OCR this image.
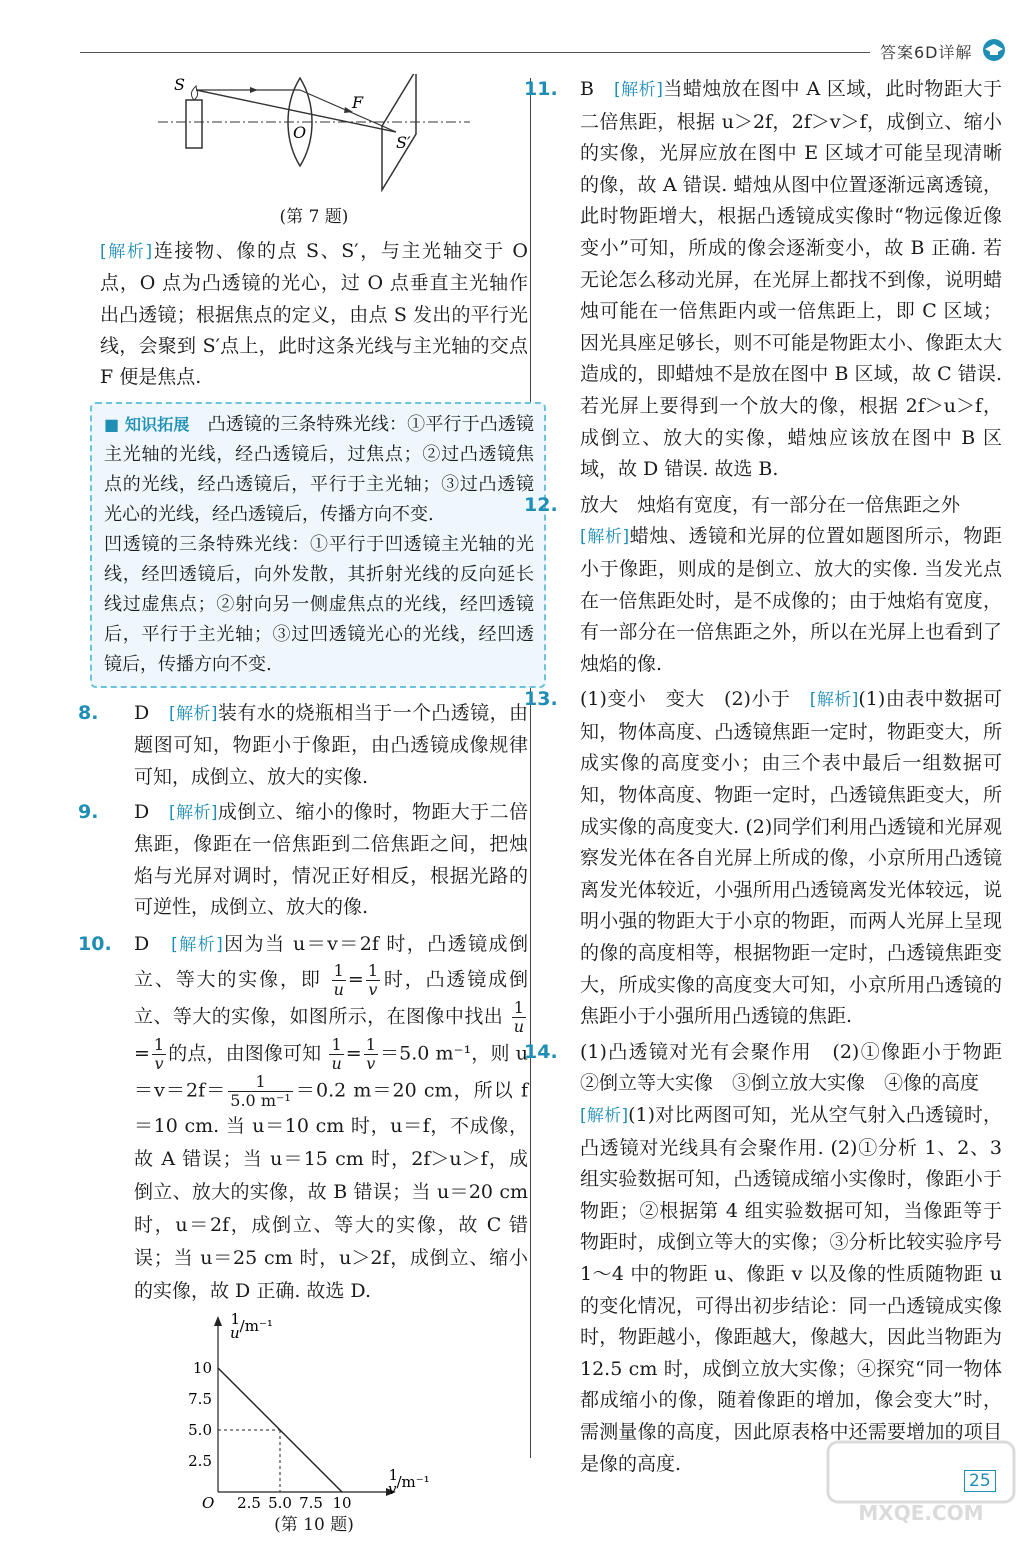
答案6D详解
S
O
F
S′

(第 7 题)

[解析]连接物、像的点 S、S′，与主光轴交于 O 点，O 点为凸透镜的光心，过 O 点垂直主光轴作出凸透镜；根据焦点的定义，由点 S 发出的平行光线，会聚到 S′点上，此时这条光线与主光轴的交点 F 便是焦点.

■ 知识拓展　 凸透镜的三条特殊光线：①平行于凸透镜主光轴的光线，经凸透镜后，过焦点；②过凸透镜焦点的光线，经凸透镜后，平行于主光轴；③过凸透镜光心的光线，经凸透镜后，传播方向不变.

凹透镜的三条特殊光线：①平行于凹透镜主光轴的光线，经凹透镜后，向外发散，其折射光线的反向延长线过虚焦点；②射向另一侧虚焦点的光线，经凹透镜后，平行于主光轴；③过凹透镜光心的光线，经凹透镜后，传播方向不变.

8. D　 [解析]装有水的烧瓶相当于一个凸透镜，由题图可知，物距小于像距，由凸透镜成像规律可知，成倒立、放大的实像.

9. D　 [解析]成倒立、缩小的像时，物距大于二倍焦距，像距在一倍焦距到二倍焦距之间，把烛焰与光屏对调时，情况正好相反，根据光路的可逆性，成倒立、放大的像.

10. D　 [解析]因为当 u＝v＝2f 时，凸透镜成倒立、等大的实像，即 $\frac{1}{u} = \frac{1}{v}$ 时，凸透镜成倒立、等大的实像，如图所示，在图像中找出 $\frac{1}{u}$
= $\frac{1}{v}$ 的点，由图像可知 $\frac{1}{u} = \frac{1}{v} =5.0$ m⁻¹，则 $u=v=2f= \frac{1}{\text{5.0 m⁻¹}} =0.2$ m＝20 cm，所以 f＝10 cm. 当 u＝10 cm 时，u＝f，不成像，故 A 错误；当 u＝15 cm 时，2f＞u＞f，成倒立、放大的实像，故 B 错误；当 u＝20 cm 时，u＝2f，成倒立、等大的实像，故 C 错误；当 u＝25 cm 时，u＞2f，成倒立、缩小的实像，故 D 正确. 故选 D.

10
7.5
5.0
2.5
2.5 5.0 7.5 10
1 u/m⁻¹
1 v/m⁻¹
O

(第 10 题)

11. B　 [解析]当蜡烛放在图中 A 区域，此时物距大于二倍焦距，根据 u＞2f，2f＞v＞f，成倒立、缩小的实像，光屏应放在图中 E 区域才可能呈现清晰的像，故 A 错误. 蜡烛从图中位置逐渐远离透镜，此时物距增大，根据凸透镜成实像时“物远像近像变小”可知，所成的像会逐渐变小，故 B 正确. 若无论怎么移动光屏，在光屏上都找不到像，说明蜡烛可能在一倍焦距内或一倍焦距上，即 C 区域；因光具座足够长，则不可能是物距太小、像距太大造成的，即蜡烛不是放在图中 B 区域，故 C 错误. 若光屏上要得到一个放大的像，根据 2f＞u＞f，成倒立、放大的实像，蜡烛应该放在图中 B 区域，故 D 错误. 故选 B.

12. 放大　烛焰有宽度，有一部分在一倍焦距之外

[解析]蜡烛、透镜和光屏的位置如题图所示，物距小于像距，则成的是倒立、放大的实像. 当发光点在一倍焦距处时，是不成像的；由于烛焰有宽度，有一部分在一倍焦距之外，所以在光屏上也看到了烛焰的像.

13. (1)变小　变大　(2)小于　 [解析](1)由表中数据可知，物体高度、凸透镜焦距一定时，物距变大，所成实像的高度变小；由三个表中最后一组数据可知，物体高度、物距一定时，凸透镜焦距变大，所成实像的高度变大. (2)同学们利用凸透镜和光屏观察发光体在各自光屏上所成的像，小京所用凸透镜离发光体较近，小强所用凸透镜离发光体较远，说明小强的物距大于小京的物距，而两人光屏上呈现的像的高度相等，根据物距一定时，凸透镜焦距变大，所成实像的高度变大可知，小京所用凸透镜的焦距小于小强所用凸透镜的焦距.

14. (1)凸透镜对光有会聚作用　(2)①像距小于物距　②倒立等大实像　③倒立放大实像　④像的高度

[解析](1)对比两图可知，光从空气射入凸透镜时，凸透镜对光线具有会聚作用. (2)①分析 1、2、3 组实验数据可知，凸透镜成缩小实像时，像距小于物距；②根据第 4 组实验数据可知，当像距等于物距时，成倒立等大的实像；③分析比较实验序号 1～4 中的物距 u、像距 v 以及像的性质随物距 u 的变化情况，可得出初步结论：同一凸透镜成实像时，物距越小，像距越大，像越大，因此当物距为 12.5 cm 时，成倒立放大实像；④探究“同一物体都成缩小的像，随着像距的增加，像会变大”时，需测量像的高度，因此原表格中还需要增加的项目是像的高度.

25
MXQE.COM
